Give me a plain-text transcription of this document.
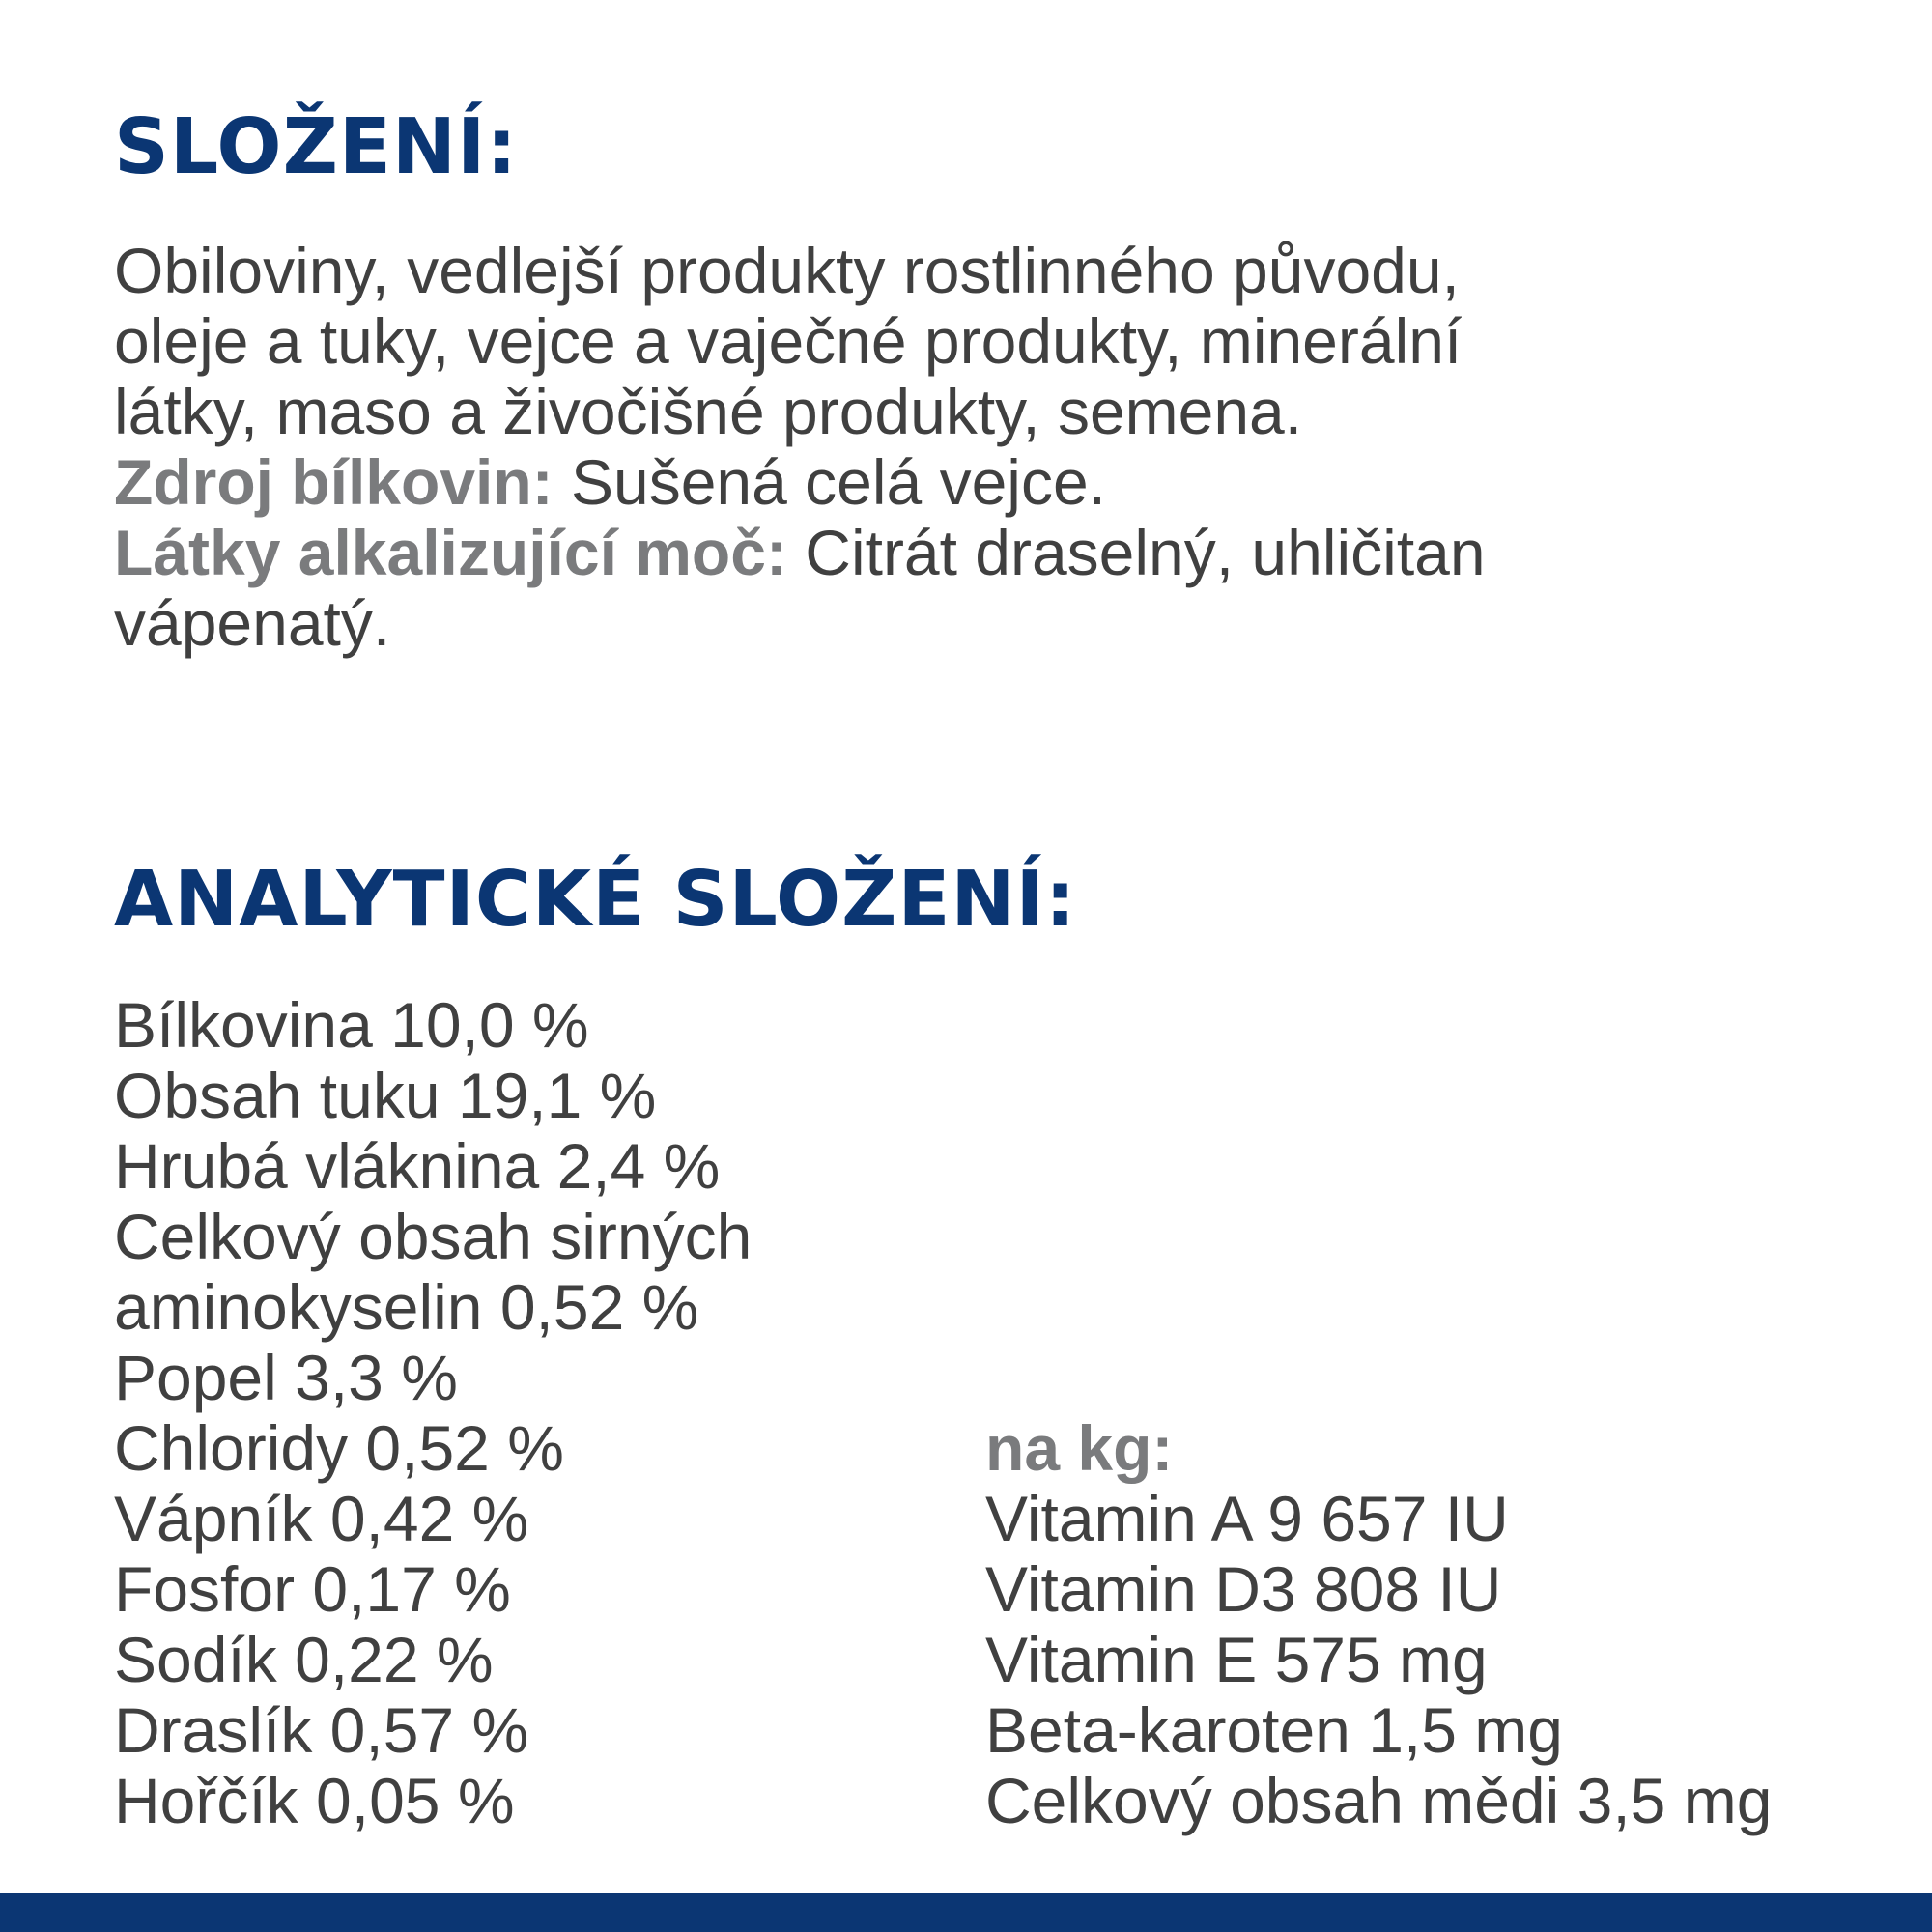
SLOŽENÍ:
Obiloviny, vedlejší produkty rostlinného původu,
oleje a tuky, vejce a vaječné produkty, minerální
látky, maso a živočišné produkty, semena.
Zdroj bílkovin: Sušená celá vejce.
Látky alkalizující moč: Citrát draselný, uhličitan
vápenatý.
ANALYTICKÉ SLOŽENÍ:
Bílkovina 10,0 %
Obsah tuku 19,1 %
Hrubá vláknina 2,4 %
Celkový obsah sirných
aminokyselin 0,52 %
Popel 3,3 %
Chloridy 0,52 %
Vápník 0,42 %
Fosfor 0,17 %
Sodík 0,22 %
Draslík 0,57 %
Hořčík 0,05 %
na kg:
Vitamin A 9 657 IU
Vitamin D3 808 IU
Vitamin E 575 mg
Beta-karoten 1,5 mg
Celkový obsah mědi 3,5 mg
